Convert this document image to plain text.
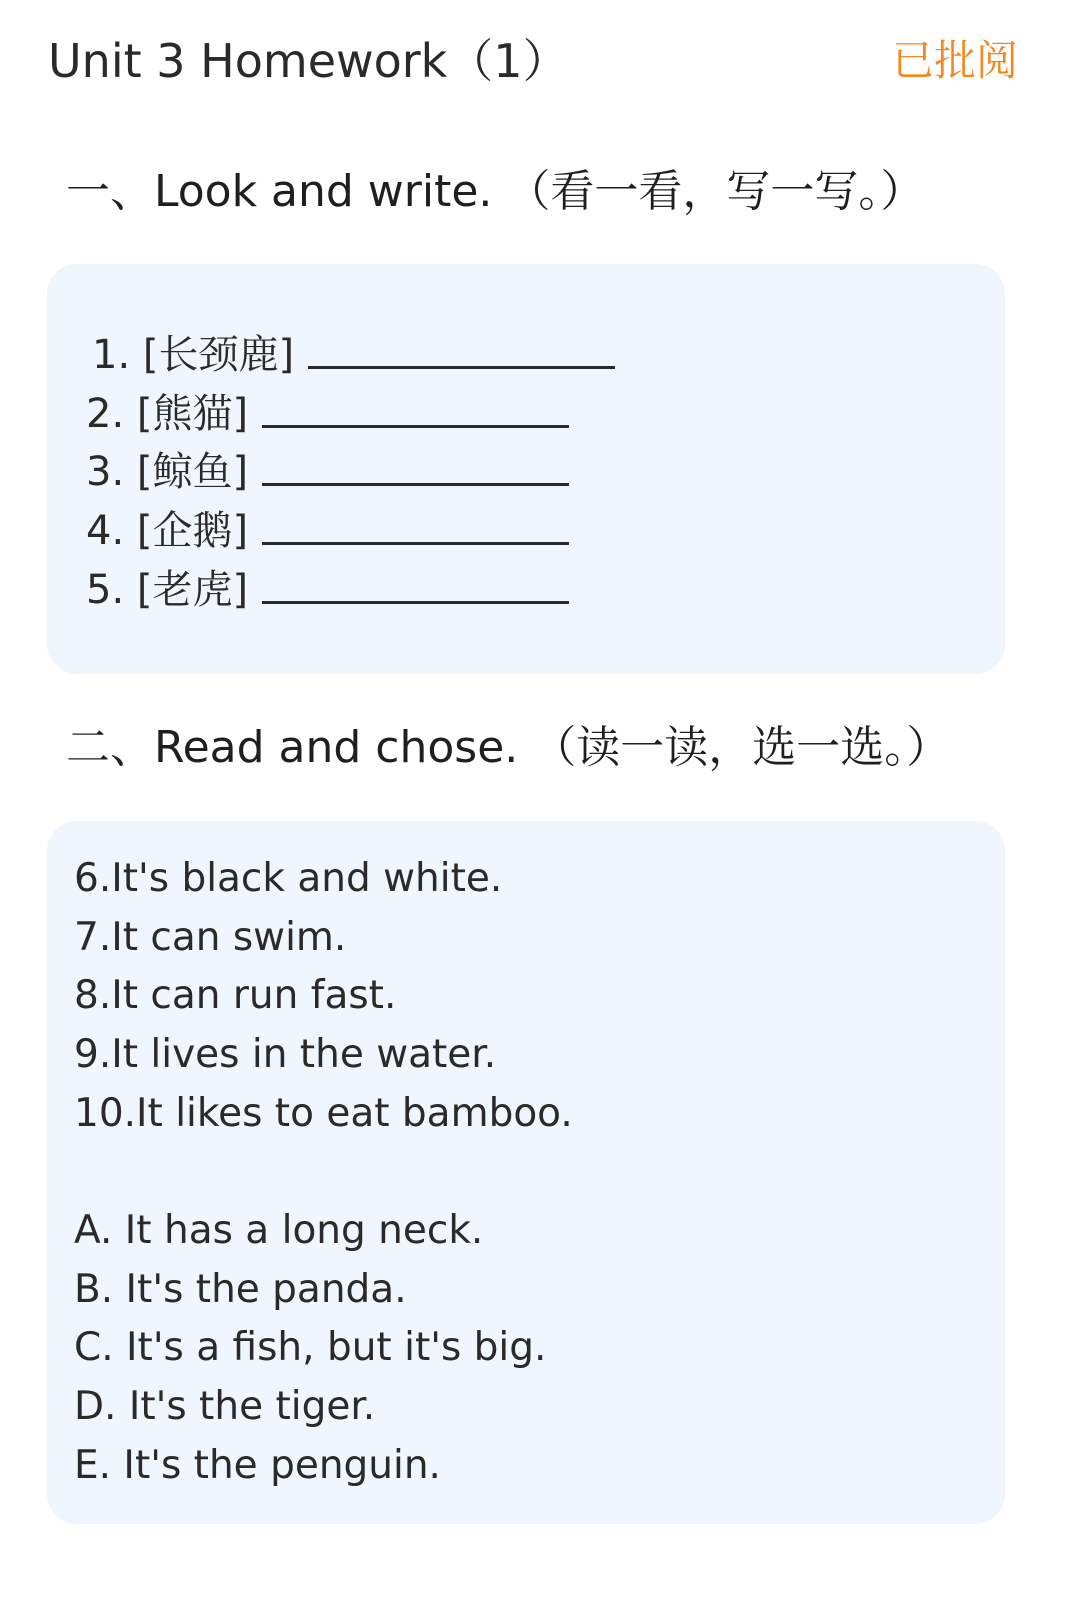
Unit 3 Homework（1）	已批阅
一、Look and write. （看一看，写一写。）
1. [长颈鹿]
2. [熊猫]
3. [鲸鱼]
4. [企鹅]
5. [老虎]
二、Read and chose. （读一读，选一选。）
6.It's black and white.
7.It can swim.
8.It can run fast.
9.It lives in the water.
10.It likes to eat bamboo.
A. It has a long neck.
B. It's the panda.
C. It's a fish, but it's big.
D. It's the tiger.
E. It's the penguin.
